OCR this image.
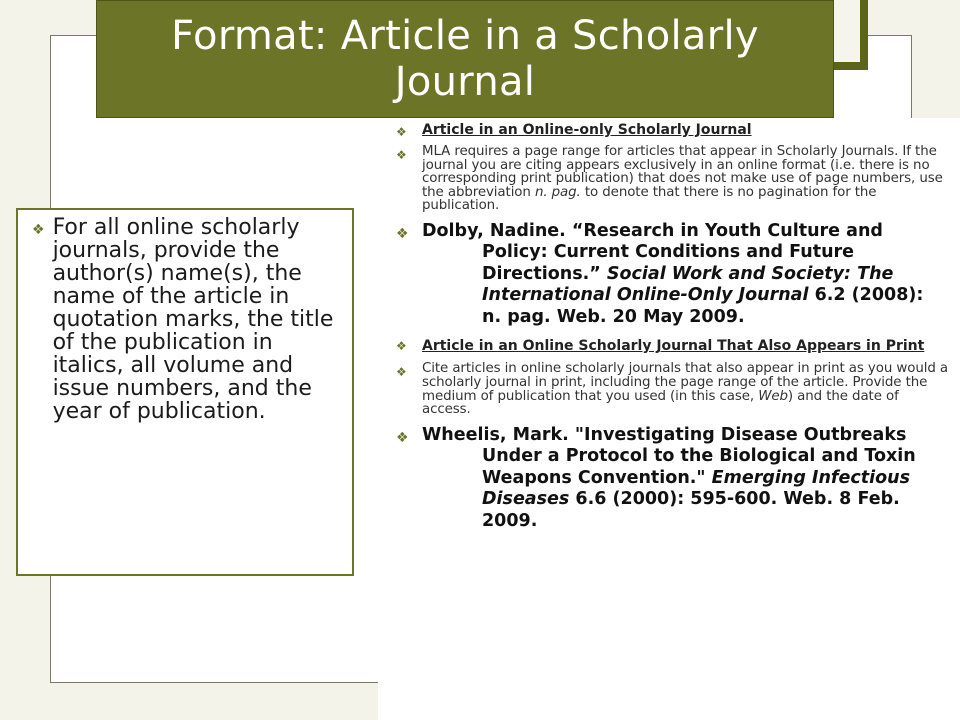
Format: Article in a Scholarly Journal
❖ For all online scholarly journals, provide the author(s) name(s), the name of the article in quotation marks, the title of the publication in italics, all volume and issue numbers, and the year of publication.

❖	Article in an Online-only Scholarly Journal
❖	MLA requires a page range for articles that appear in Scholarly Journals. If the journal you are citing appears exclusively in an online format (i.e. there is no corresponding print publication) that does not make use of page numbers, use the abbreviation n. pag. to denote that there is no pagination for the publication.
❖ Dolby, Nadine. “Research in Youth Culture and Policy: Current Conditions and Future Directions.” Social Work and Society: The International Online-Only Journal 6.2 (2008): n. pag. Web. 20 May 2009.
❖	Article in an Online Scholarly Journal That Also Appears in Print
❖	Cite articles in online scholarly journals that also appear in print as you would a scholarly journal in print, including the page range of the article. Provide the medium of publication that you used (in this case, Web) and the date of access.
❖ Wheelis, Mark. "Investigating Disease Outbreaks Under a Protocol to the Biological and Toxin Weapons Convention." Emerging Infectious Diseases 6.6 (2000): 595-600. Web. 8 Feb. 2009.
